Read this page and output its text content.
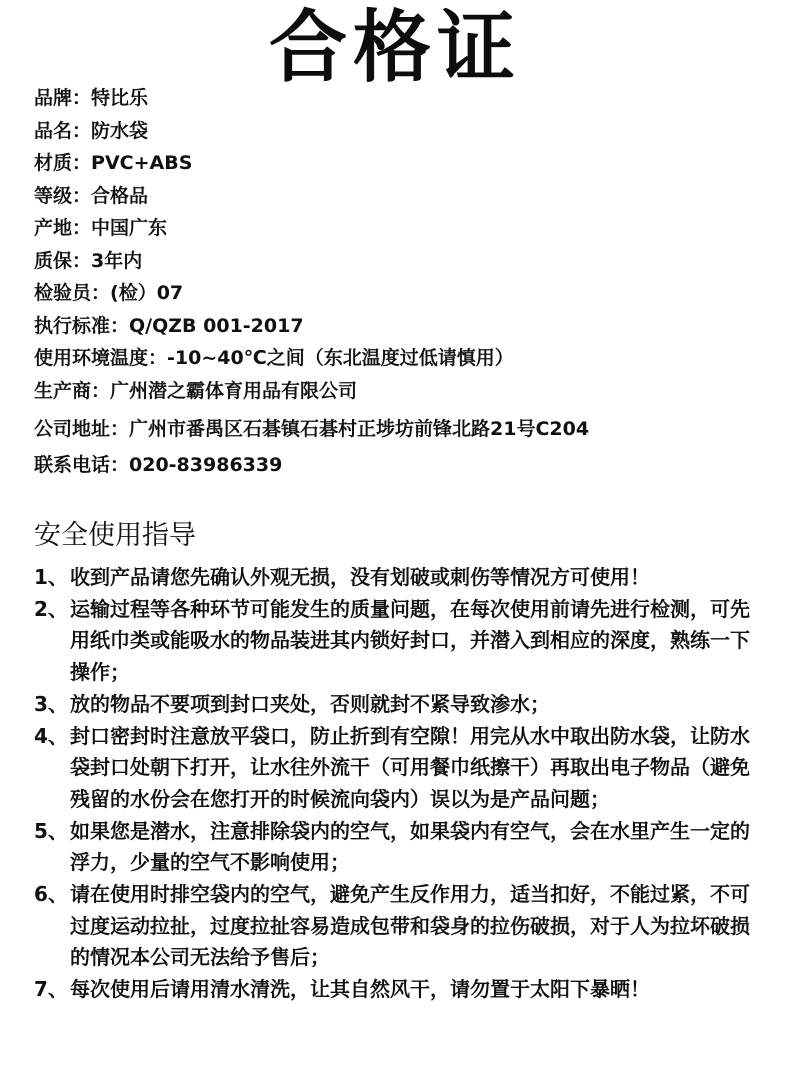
合格证
品牌：特比乐
品名：防水袋
材质：PVC+ABS
等级：合格品
产地：中国广东
质保：3年内
检验员：(检）07
执行标准：Q/QZB 001-2017
使用环境温度：-10~40℃之间（东北温度过低请慎用）
生产商：广州潜之霸体育用品有限公司
公司地址：广州市番禺区石碁镇石碁村正埗坊前锋北路21号C204
联系电话：020-83986339
安全使用指导
1、 收到产品请您先确认外观无损，没有划破或刺伤等情况方可使用！
2、 运输过程等各种环节可能发生的质量问题，在每次使用前请先进行检测，可先用纸巾类或能吸水的物品装进其内锁好封口，并潜入到相应的深度，熟练一下操作；
3、 放的物品不要项到封口夹处，否则就封不紧导致渗水；
4、 封口密封时注意放平袋口，防止折到有空隙！用完从水中取出防水袋，让防水袋封口处朝下打开，让水往外流干（可用餐巾纸擦干）再取出电子物品（避免残留的水份会在您打开的时候流向袋内）误以为是产品问题；
5、 如果您是潜水，注意排除袋内的空气，如果袋内有空气，会在水里产生一定的浮力，少量的空气不影响使用；
6、 请在使用时排空袋内的空气，避免产生反作用力，适当扣好，不能过紧，不可过度运动拉扯，过度拉扯容易造成包带和袋身的拉伤破损，对于人为拉坏破损的情况本公司无法给予售后；
7、 每次使用后请用清水清洗，让其自然风干，请勿置于太阳下暴晒！
